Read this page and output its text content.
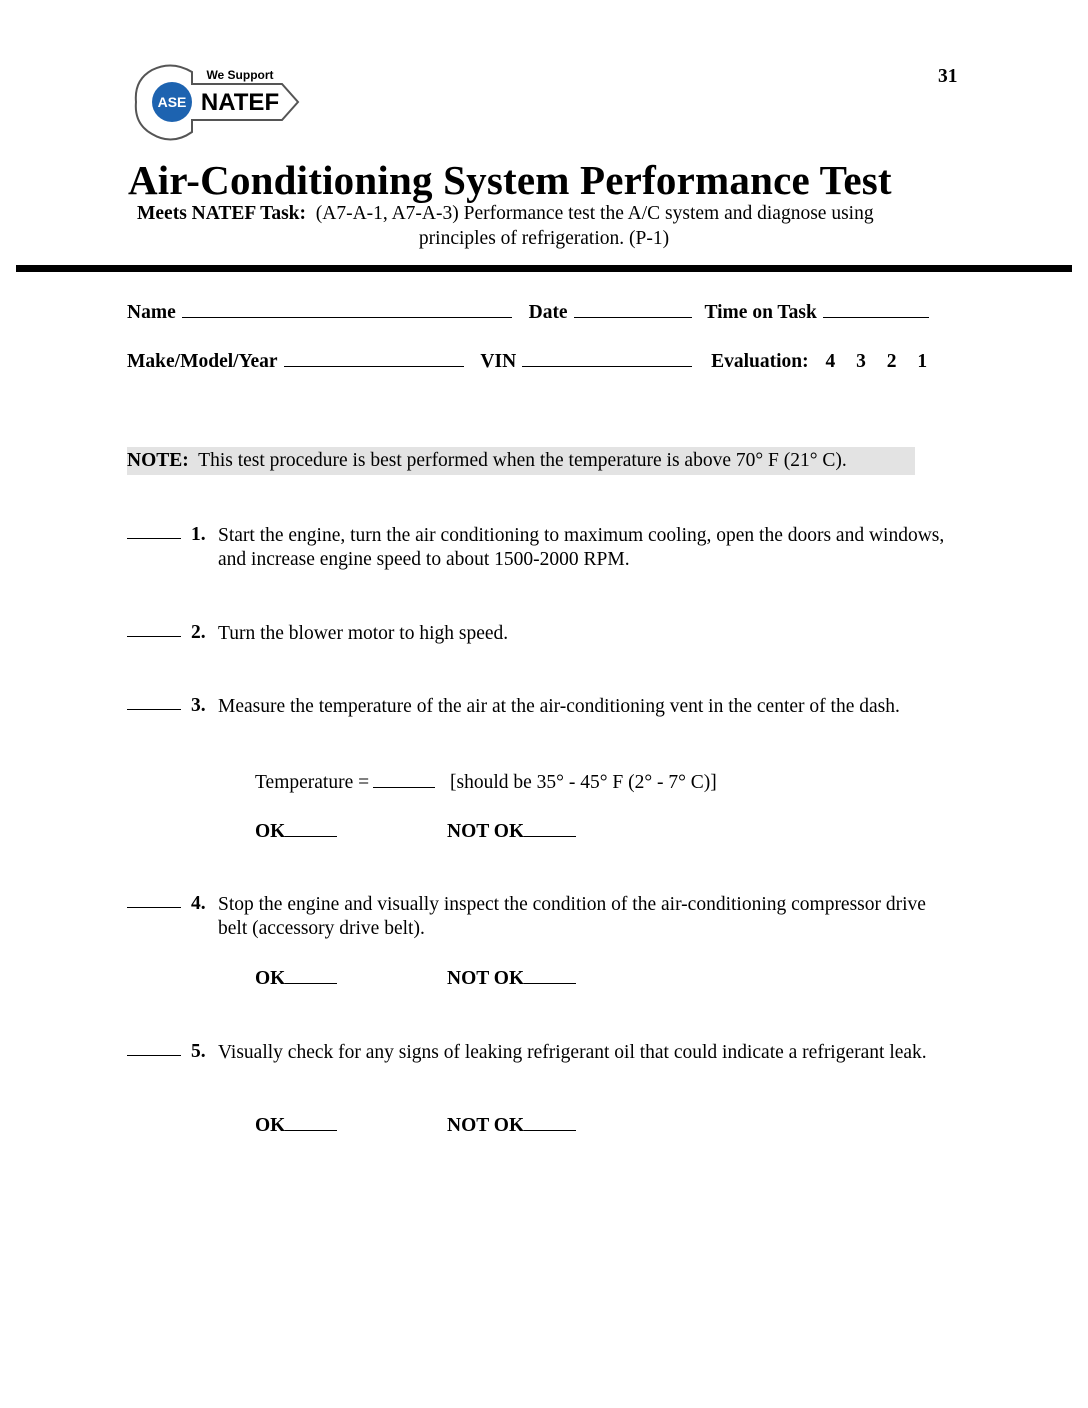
31
ASE
We Support
NATEF
Air-Conditioning System Performance Test
Meets NATEF Task: (A7-A-1, A7-A-3) Performance test the A/C system and diagnose using
principles of refrigeration. (P-1)
Name	Date	Time on Task
Make/Model/Year	VIN	Evaluation: 4 3 2 1
NOTE: This test procedure is best performed when the temperature is above 70° F (21° C).
1. Start the engine, turn the air conditioning to maximum cooling, open the doors and windows, and increase engine speed to about 1500-2000 RPM.
2. Turn the blower motor to high speed.
3. Measure the temperature of the air at the air-conditioning vent in the center of the dash.
Temperature =	[should be 35° - 45° F (2° - 7° C)]
OK	NOT OK
4. Stop the engine and visually inspect the condition of the air-conditioning compressor drive belt (accessory drive belt).
OK	NOT OK
5. Visually check for any signs of leaking refrigerant oil that could indicate a refrigerant leak.
OK	NOT OK
